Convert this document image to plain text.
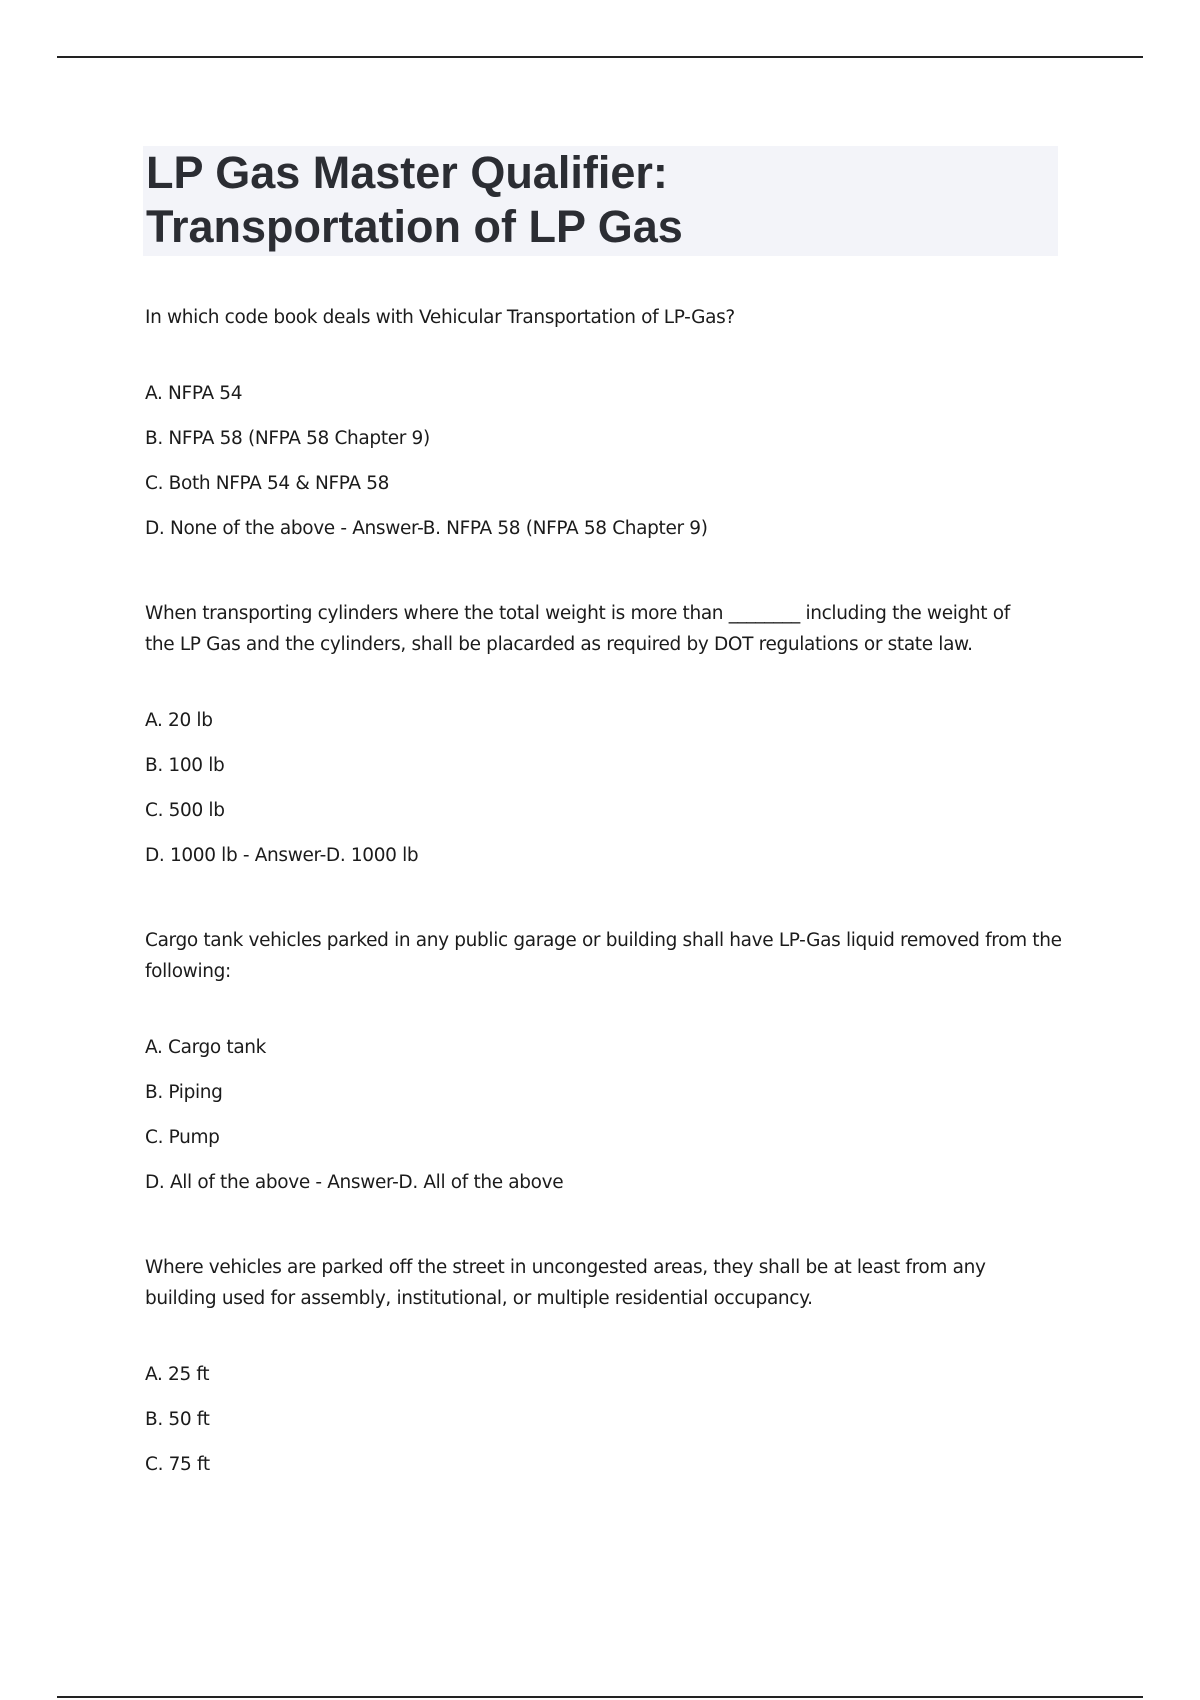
LP Gas Master Qualifier:
Transportation of LP Gas
In which code book deals with Vehicular Transportation of LP-Gas?
A. NFPA 54
B. NFPA 58 (NFPA 58 Chapter 9)
C. Both NFPA 54 & NFPA 58
D. None of the above - Answer-B. NFPA 58 (NFPA 58 Chapter 9)
When transporting cylinders where the total weight is more than ________ including the weight of
the LP Gas and the cylinders, shall be placarded as required by DOT regulations or state law.
A. 20 lb
B. 100 lb
C. 500 lb
D. 1000 lb - Answer-D. 1000 lb
Cargo tank vehicles parked in any public garage or building shall have LP-Gas liquid removed from the
following:
A. Cargo tank
B. Piping
C. Pump
D. All of the above - Answer-D. All of the above
Where vehicles are parked off the street in uncongested areas, they shall be at least from any
building used for assembly, institutional, or multiple residential occupancy.
A. 25 ft
B. 50 ft
C. 75 ft
